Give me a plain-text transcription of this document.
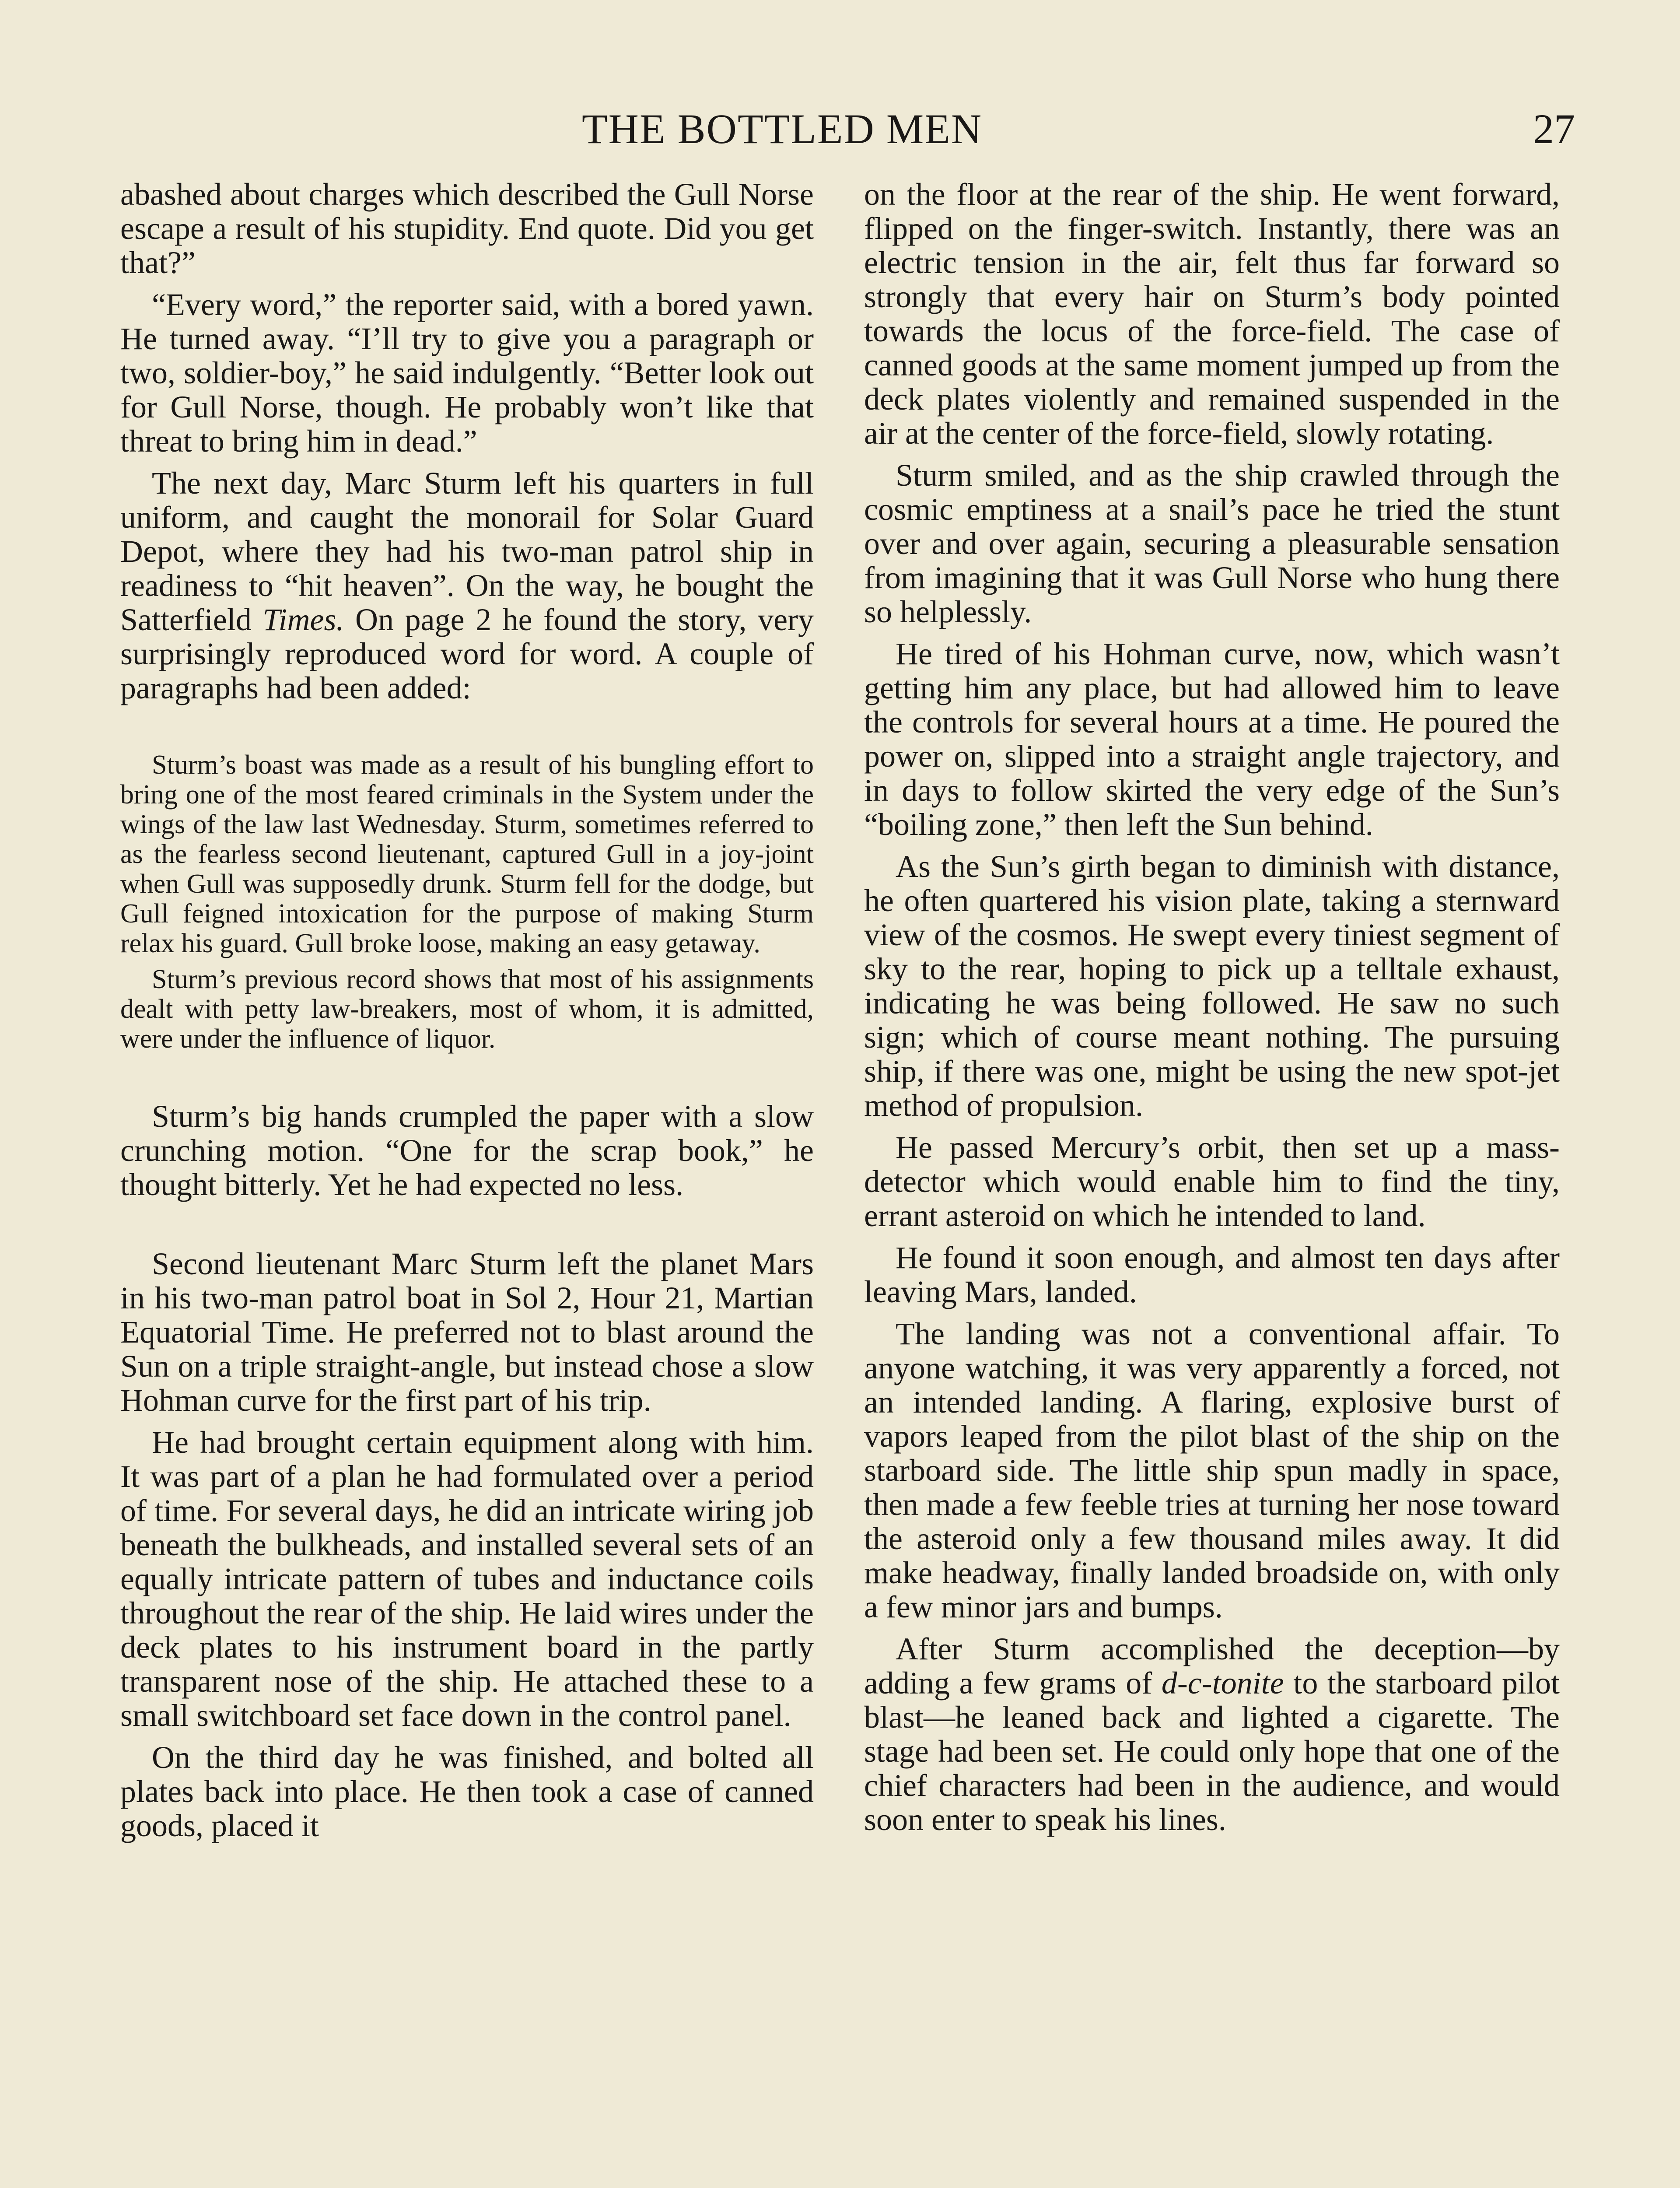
THE BOTTLED MEN	27

abashed about charges which described the Gull Norse escape a result of his stupidity. End quote. Did you get that?”

“Every word,” the reporter said, with a bored yawn. He turned away. “I’ll try to give you a paragraph or two, soldier-boy,” he said indulgently. “Better look out for Gull Norse, though. He probably won’t like that threat to bring him in dead.”

The next day, Marc Sturm left his quarters in full uniform, and caught the monorail for Solar Guard Depot, where they had his two-man patrol ship in readiness to “hit heaven”. On the way, he bought the Satterfield Times. On page 2 he found the story, very surprisingly reproduced word for word. A couple of paragraphs had been added:

Sturm’s boast was made as a result of his bungling effort to bring one of the most feared criminals in the System under the wings of the law last Wednesday. Sturm, sometimes referred to as the fearless second lieutenant, captured Gull in a joy-joint when Gull was supposedly drunk. Sturm fell for the dodge, but Gull feigned intoxication for the purpose of making Sturm relax his guard. Gull broke loose, making an easy getaway.

Sturm’s previous record shows that most of his assignments dealt with petty law-breakers, most of whom, it is admitted, were under the influence of liquor.

Sturm’s big hands crumpled the paper with a slow crunching motion. “One for the scrap book,” he thought bitterly. Yet he had expected no less.

Second lieutenant Marc Sturm left the planet Mars in his two-man patrol boat in Sol 2, Hour 21, Martian Equatorial Time. He preferred not to blast around the Sun on a triple straight-angle, but instead chose a slow Hohman curve for the first part of his trip.

He had brought certain equipment along with him. It was part of a plan he had formulated over a period of time. For several days, he did an intricate wiring job beneath the bulkheads, and installed several sets of an equally intricate pattern of tubes and inductance coils throughout the rear of the ship. He laid wires under the deck plates to his instrument board in the partly transparent nose of the ship. He attached these to a small switchboard set face down in the control panel.

On the third day he was finished, and bolted all plates back into place. He then took a case of canned goods, placed it

on the floor at the rear of the ship. He went forward, flipped on the finger-switch. Instantly, there was an electric tension in the air, felt thus far forward so strongly that every hair on Sturm’s body pointed towards the locus of the force-field. The case of canned goods at the same moment jumped up from the deck plates violently and remained suspended in the air at the center of the force-field, slowly rotating.

Sturm smiled, and as the ship crawled through the cosmic emptiness at a snail’s pace he tried the stunt over and over again, securing a pleasurable sensation from imagining that it was Gull Norse who hung there so helplessly.

He tired of his Hohman curve, now, which wasn’t getting him any place, but had allowed him to leave the controls for several hours at a time. He poured the power on, slipped into a straight angle trajectory, and in days to follow skirted the very edge of the Sun’s “boiling zone,” then left the Sun behind.

As the Sun’s girth began to diminish with distance, he often quartered his vision plate, taking a sternward view of the cosmos. He swept every tiniest segment of sky to the rear, hoping to pick up a telltale exhaust, indicating he was being followed. He saw no such sign; which of course meant nothing. The pursuing ship, if there was one, might be using the new spot-jet method of propulsion.

He passed Mercury’s orbit, then set up a mass-detector which would enable him to find the tiny, errant asteroid on which he intended to land.

He found it soon enough, and almost ten days after leaving Mars, landed.

The landing was not a conventional affair. To anyone watching, it was very apparently a forced, not an intended landing. A flaring, explosive burst of vapors leaped from the pilot blast of the ship on the starboard side. The little ship spun madly in space, then made a few feeble tries at turning her nose toward the asteroid only a few thousand miles away. It did make headway, finally landed broadside on, with only a few minor jars and bumps.

After Sturm accomplished the deception—by adding a few grams of d-c-tonite to the starboard pilot blast—he leaned back and lighted a cigarette. The stage had been set. He could only hope that one of the chief characters had been in the audience, and would soon enter to speak his lines.
